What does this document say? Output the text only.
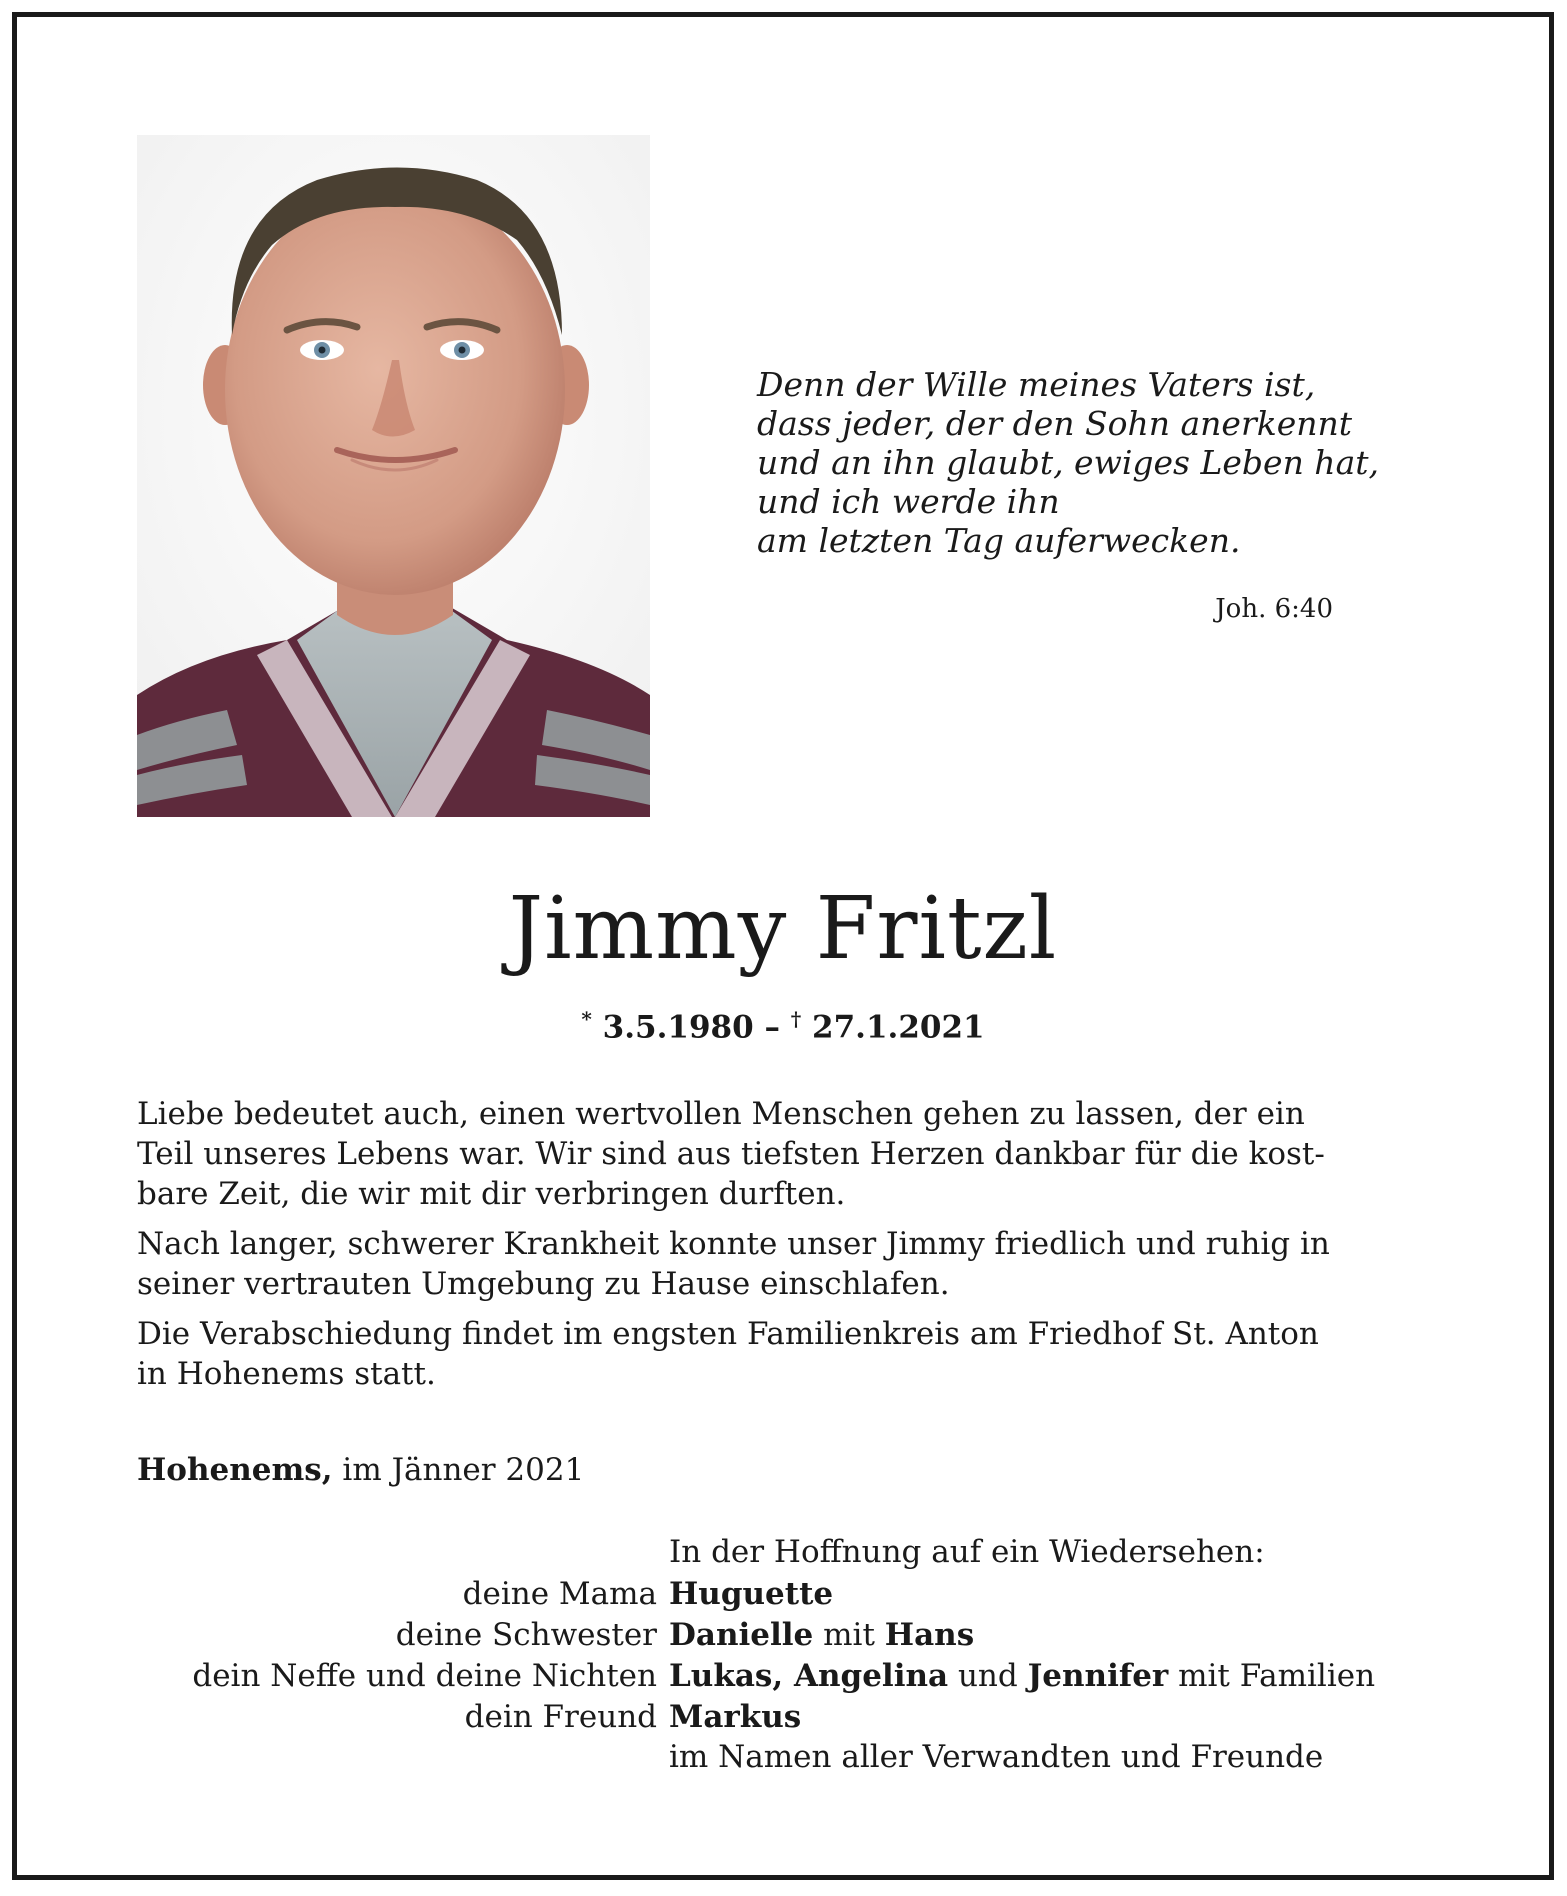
Denn der Wille meines Vaters ist,
dass jeder, der den Sohn anerkennt
und an ihn glaubt, ewiges Leben hat,
und ich werde ihn
am letzten Tag auferwecken.
Joh. 6:40
Jimmy Fritzl
* 3.5.1980 – † 27.1.2021
Liebe bedeutet auch, einen wertvollen Menschen gehen zu lassen, der ein
Teil unseres Lebens war. Wir sind aus tiefsten Herzen dankbar für die kost-
bare Zeit, die wir mit dir verbringen durften.
Nach langer, schwerer Krankheit konnte unser Jimmy friedlich und ruhig in
seiner vertrauten Umgebung zu Hause einschlafen.
Die Verabschiedung findet im engsten Familienkreis am Friedhof St. Anton
in Hohenems statt.
Hohenems, im Jänner 2021
In der Hoffnung auf ein Wiedersehen:
deine Mama Huguette
deine Schwester Danielle mit Hans
dein Neffe und deine Nichten Lukas, Angelina und Jennifer mit Familien
dein Freund Markus
im Namen aller Verwandten und Freunde
